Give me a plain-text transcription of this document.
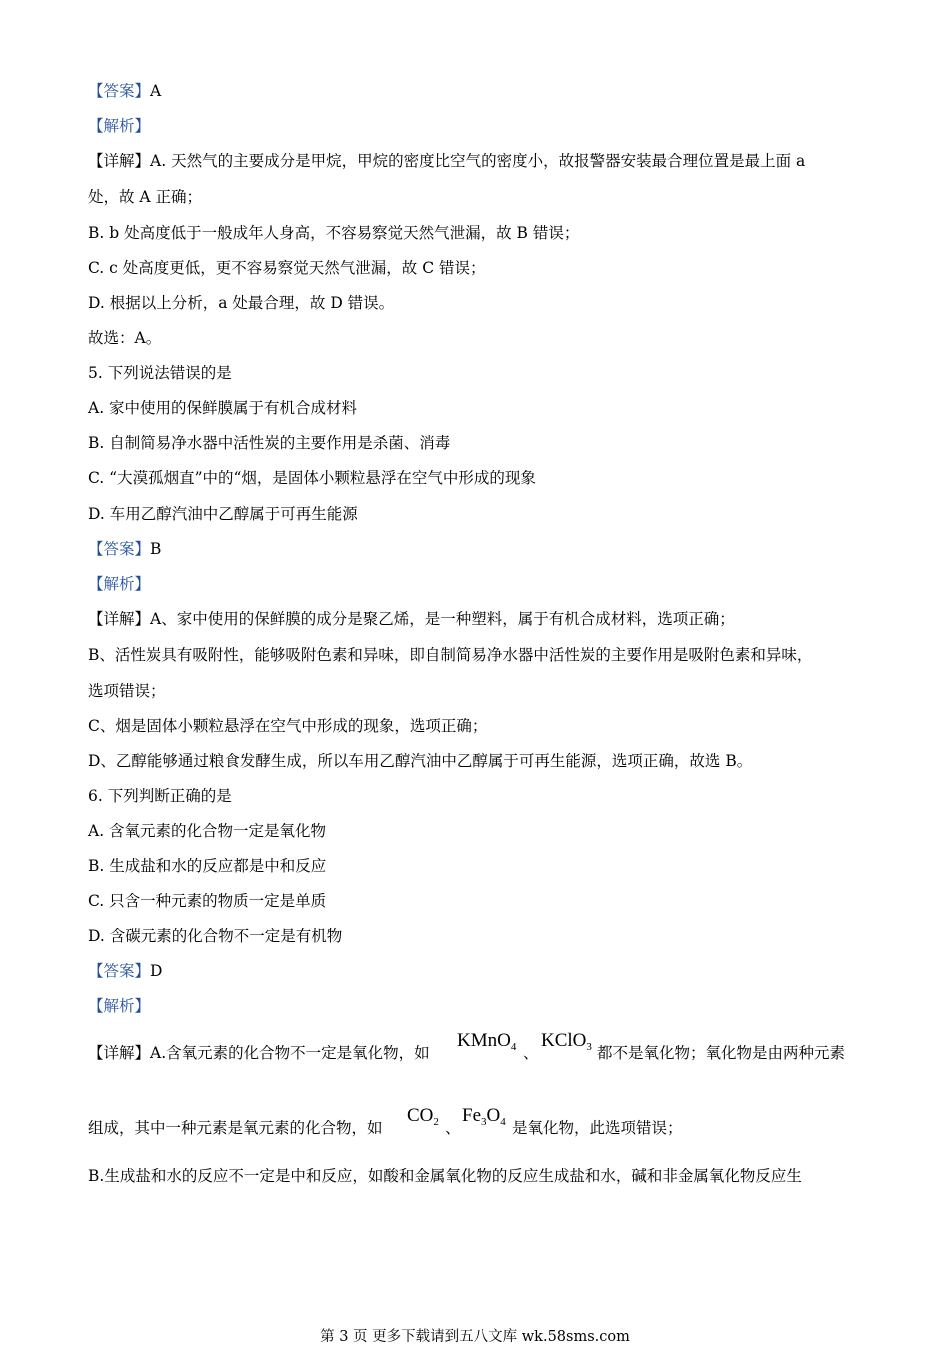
【答案】A
【解析】
【详解】A. 天然气的主要成分是甲烷，甲烷的密度比空气的密度小，故报警器安装最合理位置是最上面 a
处，故 A 正确；
B. b 处高度低于一般成年人身高，不容易察觉天然气泄漏，故 B 错误；
C. c 处高度更低，更不容易察觉天然气泄漏，故 C 错误；
D. 根据以上分析，a 处最合理，故 D 错误。
故选：A。
5. 下列说法错误的是
A. 家中使用的保鲜膜属于有机合成材料
B. 自制简易净水器中活性炭的主要作用是杀菌、消毒
C. “大漠孤烟直”中的“烟，是固体小颗粒悬浮在空气中形成的现象
D. 车用乙醇汽油中乙醇属于可再生能源
【答案】B
【解析】
【详解】A、家中使用的保鲜膜的成分是聚乙烯，是一种塑料，属于有机合成材料，选项正确；
B、活性炭具有吸附性，能够吸附色素和异味，即自制简易净水器中活性炭的主要作用是吸附色素和异味，
选项错误；
C、烟是固体小颗粒悬浮在空气中形成的现象，选项正确；
D、乙醇能够通过粮食发酵生成，所以车用乙醇汽油中乙醇属于可再生能源，选项正确，故选 B。
6. 下列判断正确的是
A. 含氧元素的化合物一定是氧化物
B. 生成盐和水的反应都是中和反应
C. 只含一种元素的物质一定是单质
D. 含碳元素的化合物不一定是有机物
【答案】D
【解析】
【详解】A.含氧元素的化合物不一定是氧化物，如
KMnO$_4$ 、
KClO$_3$ 都不是氧化物；氧化物是由两种元素
组成，其中一种元素是氧元素的化合物，如
$CO_2$ 、
$Fe_3O_4$ 是氧化物，此选项错误；
B.生成盐和水的反应不一定是中和反应，如酸和金属氧化物的反应生成盐和水，碱和非金属氧化物反应生
第 3 页 更多下载请到五八文库 wk.58sms.com
